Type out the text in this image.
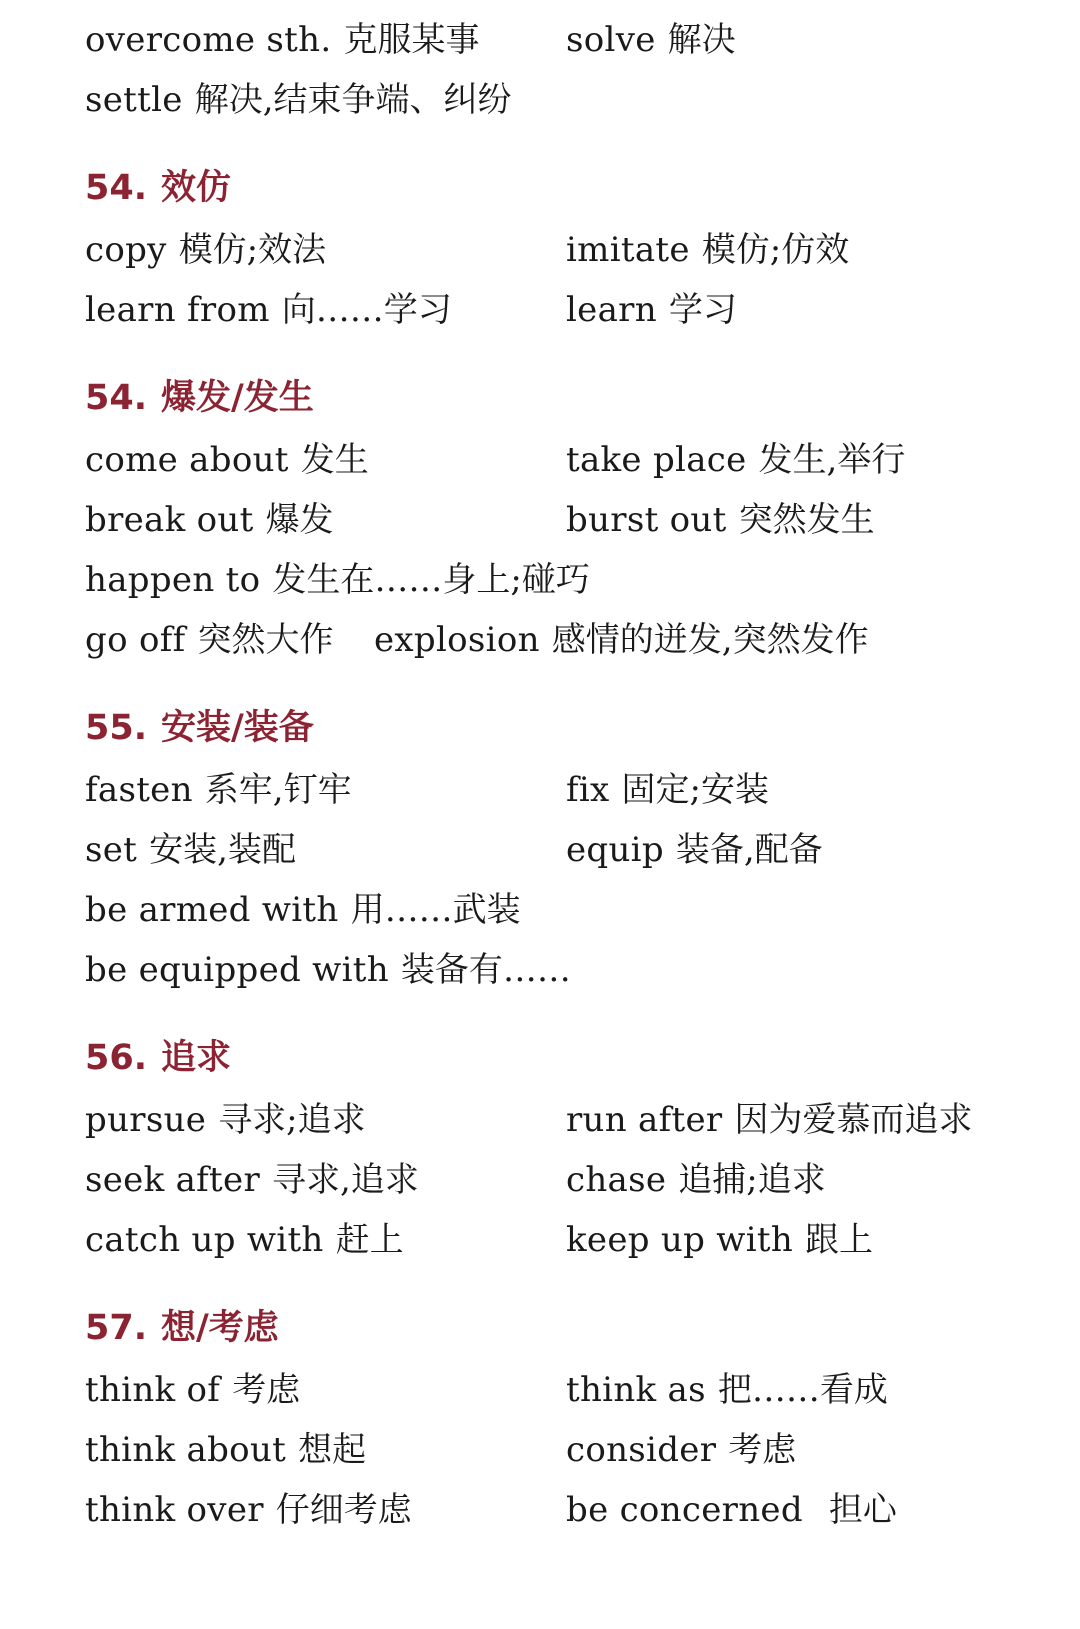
overcome sth. 克服某事	solve 解决
settle 解决,结束争端、纠纷
54. 效仿
copy 模仿;效法	imitate 模仿;仿效
learn from 向……学习	learn 学习
54. 爆发/发生
come about 发生	take place 发生,举行
break out 爆发	burst out 突然发生
happen to 发生在……身上;碰巧
go off 突然大作 explosion 感情的迸发,突然发作
55. 安装/装备
fasten 系牢,钉牢	fix 固定;安装
set 安装,装配	equip 装备,配备
be armed with 用……武装
be equipped with 装备有……
56. 追求
pursue 寻求;追求	run after 因为爱慕而追求
seek after 寻求,追求	chase 追捕;追求
catch up with 赶上	keep up with 跟上
57. 想/考虑
think of 考虑	think as 把……看成
think about 想起	consider 考虑
think over 仔细考虑	be concerned 担心
